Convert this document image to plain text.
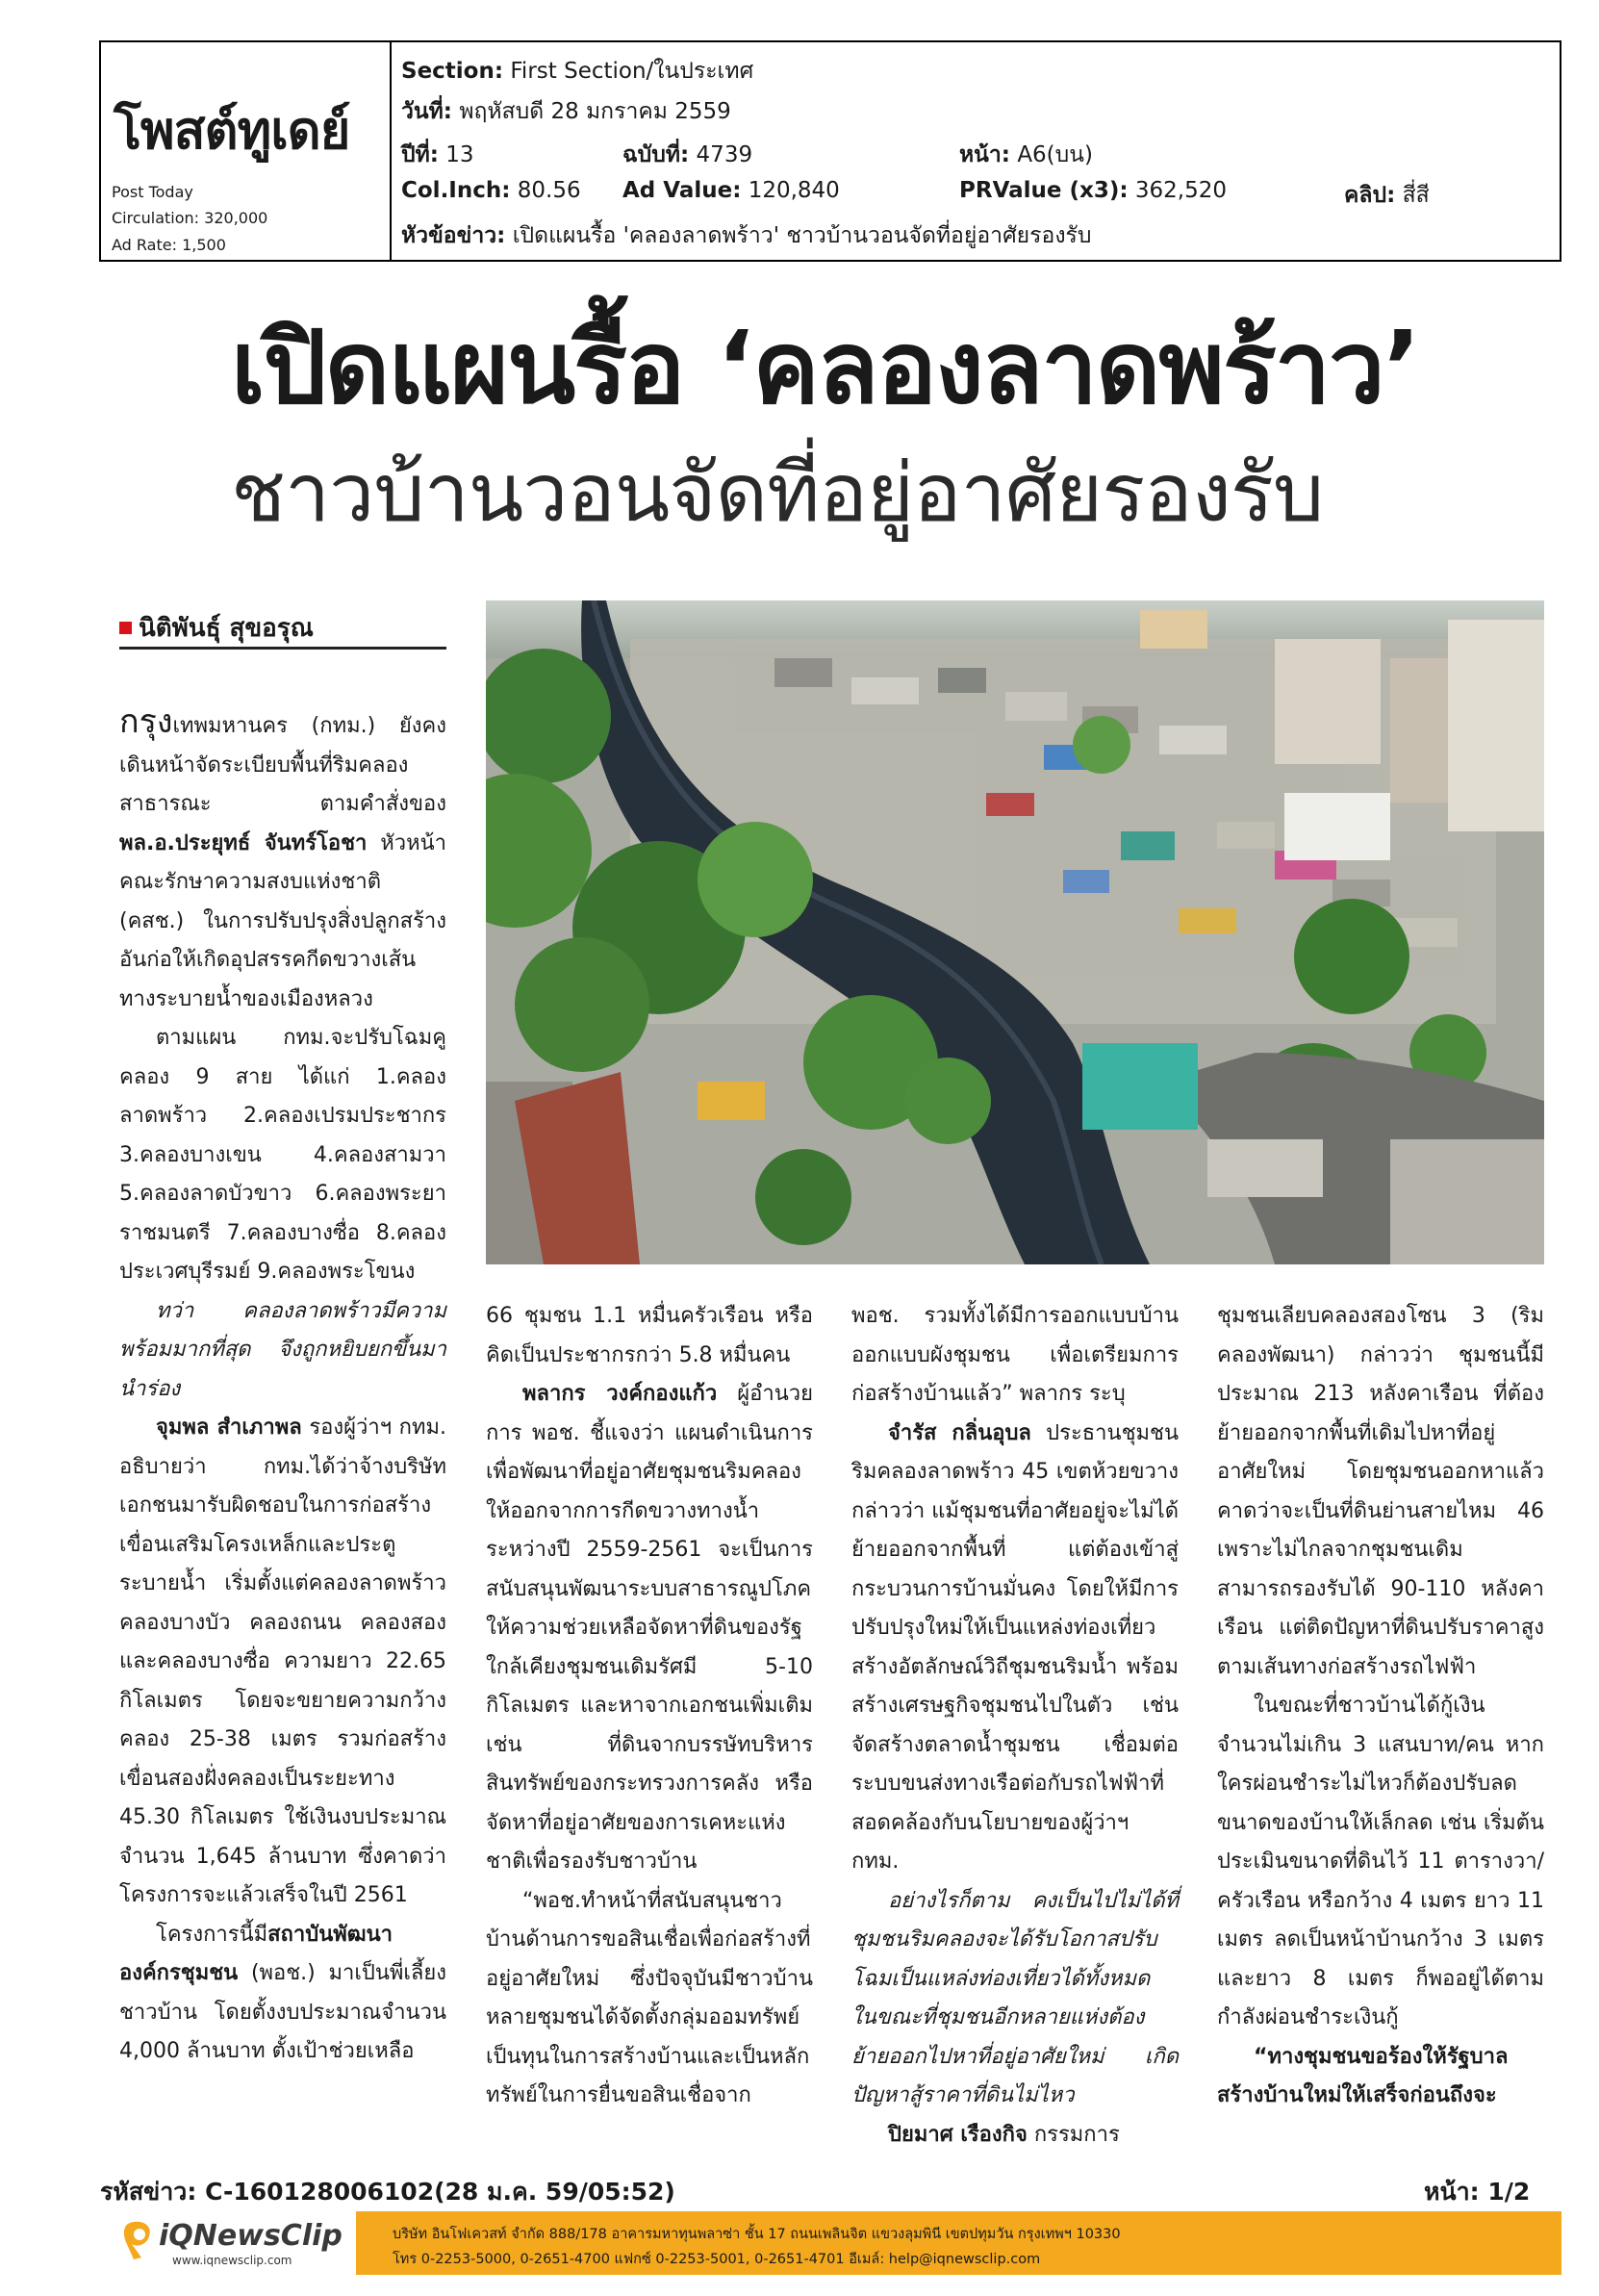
โพสต์ทูเดย์
Post Today
Circulation: 320,000
Ad Rate: 1,500
Section: First Section/ในประเทศ
วันที่: พฤหัสบดี 28 มกราคม 2559
ปีที่: 13	ฉบับที่: 4739	หน้า: A6(บน)
Col.Inch: 80.56 Ad Value: 120,840	PRValue (x3): 362,520	คลิป: สี่สี
หัวข้อข่าว: เปิดแผนรื้อ 'คลองลาดพร้าว' ชาวบ้านวอนจัดที่อยู่อาศัยรองรับ
เปิดแผนรื้อ ‘คลองลาดพร้าว’
ชาวบ้านวอนจัดที่อยู่อาศัยรองรับ
นิติพันธุ์ สุขอรุณ

กรุงเทพมหานคร (กทม.) ยังคงเดินหน้าจัดระเบียบพื้นที่ริมคลองสาธารณะ ตามคำสั่งของพล.อ.ประยุทธ์ จันทร์โอชา หัวหน้าคณะรักษาความสงบแห่งชาติ (คสช.) ในการปรับปรุงสิ่งปลูกสร้างอันก่อให้เกิดอุปสรรคกีดขวางเส้นทางระบายน้ำของเมืองหลวง

ตามแผน กทม.จะปรับโฉมคูคลอง 9 สาย ได้แก่ 1.คลองลาดพร้าว 2.คลองเปรมประชากร 3.คลองบางเขน 4.คลองสามวา 5.คลองลาดบัวขาว 6.คลองพระยาราชมนตรี 7.คลองบางซื่อ 8.คลองประเวศบุรีรมย์ 9.คลองพระโขนง

ทว่า คลองลาดพร้าวมีความพร้อมมากที่สุด จึงถูกหยิบยกขึ้นมานำร่อง

จุมพล สำเภาพล รองผู้ว่าฯ กทม. อธิบายว่า กทม.ได้ว่าจ้างบริษัทเอกชนมารับผิดชอบในการก่อสร้างเขื่อนเสริมโครงเหล็กและประตูระบายน้ำ เริ่มตั้งแต่คลองลาดพร้าว คลองบางบัว คลองถนน คลองสอง และคลองบางซื่อ ความยาว 22.65 กิโลเมตร โดยจะขยายความกว้างคลอง 25-38 เมตร รวมก่อสร้างเขื่อนสองฝั่งคลองเป็นระยะทาง 45.30 กิโลเมตร ใช้เงินงบประมาณจำนวน 1,645 ล้านบาท ซึ่งคาดว่าโครงการจะแล้วเสร็จในปี 2561

โครงการนี้มีสถาบันพัฒนาองค์กรชุมชน (พอช.) มาเป็นพี่เลี้ยงชาวบ้าน โดยตั้งงบประมาณจำนวน 4,000 ล้านบาท ตั้งเป้าช่วยเหลือ

66 ชุมชน 1.1 หมื่นครัวเรือน หรือคิดเป็นประชากรกว่า 5.8 หมื่นคน

พลากร วงค์กองแก้ว ผู้อำนวยการ พอช. ชี้แจงว่า แผนดำเนินการเพื่อพัฒนาที่อยู่อาศัยชุมชนริมคลองให้ออกจากการกีดขวางทางน้ำ ระหว่างปี 2559-2561 จะเป็นการสนับสนุนพัฒนาระบบสาธารณูปโภค ให้ความช่วยเหลือจัดหาที่ดินของรัฐใกล้เคียงชุมชนเดิมรัศมี 5-10 กิโลเมตร และหาจากเอกชนเพิ่มเติม เช่น ที่ดินจากบรรษัทบริหารสินทรัพย์ของกระทรวงการคลัง หรือจัดหาที่อยู่อาศัยของการเคหะแห่งชาติเพื่อรองรับชาวบ้าน

“พอช.ทำหน้าที่สนับสนุนชาวบ้านด้านการขอสินเชื่อเพื่อก่อสร้างที่อยู่อาศัยใหม่ ซึ่งปัจจุบันมีชาวบ้านหลายชุมชนได้จัดตั้งกลุ่มออมทรัพย์เป็นทุนในการสร้างบ้านและเป็นหลักทรัพย์ในการยื่นขอสินเชื่อจาก

พอช. รวมทั้งได้มีการออกแบบบ้าน ออกแบบผังชุมชน เพื่อเตรียมการก่อสร้างบ้านแล้ว” พลากร ระบุ

จำรัส กลิ่นอุบล ประธานชุมชนริมคลองลาดพร้าว 45 เขตห้วยขวาง กล่าวว่า แม้ชุมชนที่อาศัยอยู่จะไม่ได้ย้ายออกจากพื้นที่ แต่ต้องเข้าสู่กระบวนการบ้านมั่นคง โดยให้มีการปรับปรุงใหม่ให้เป็นแหล่งท่องเที่ยว สร้างอัตลักษณ์วิถีชุมชนริมน้ำ พร้อมสร้างเศรษฐกิจชุมชนไปในตัว เช่น จัดสร้างตลาดน้ำชุมชน เชื่อมต่อระบบขนส่งทางเรือต่อกับรถไฟฟ้าที่สอดคล้องกับนโยบายของผู้ว่าฯ กทม.

อย่างไรก็ตาม คงเป็นไปไม่ได้ที่ชุมชนริมคลองจะได้รับโอกาสปรับโฉมเป็นแหล่งท่องเที่ยวได้ทั้งหมด ในขณะที่ชุมชนอีกหลายแห่งต้องย้ายออกไปหาที่อยู่อาศัยใหม่ เกิดปัญหาสู้ราคาที่ดินไม่ไหว

ปิยมาศ เรืองกิจ กรรมการ

ชุมชนเลียบคลองสองโซน 3 (ริมคลองพัฒนา) กล่าวว่า ชุมชนนี้มีประมาณ 213 หลังคาเรือน ที่ต้องย้ายออกจากพื้นที่เดิมไปหาที่อยู่อาศัยใหม่ โดยชุมชนออกหาแล้วคาดว่าจะเป็นที่ดินย่านสายไหม 46 เพราะไม่ไกลจากชุมชนเดิม สามารถรองรับได้ 90-110 หลังคาเรือน แต่ติดปัญหาที่ดินปรับราคาสูงตามเส้นทางก่อสร้างรถไฟฟ้า

ในขณะที่ชาวบ้านได้กู้เงินจำนวนไม่เกิน 3 แสนบาท/คน หากใครผ่อนชำระไม่ไหวก็ต้องปรับลดขนาดของบ้านให้เล็กลด เช่น เริ่มต้นประเมินขนาดที่ดินไว้ 11 ตารางวา/ครัวเรือน หรือกว้าง 4 เมตร ยาว 11 เมตร ลดเป็นหน้าบ้านกว้าง 3 เมตร และยาว 8 เมตร ก็พออยู่ได้ตามกำลังผ่อนชำระเงินกู้

“ทางชุมชนขอร้องให้รัฐบาลสร้างบ้านใหม่ให้เสร็จก่อนถึงจะ

รหัสข่าว: C-160128006102(28 ม.ค. 59/05:52)	หน้า: 1/2
iQNewsClip
www.iqnewsclip.com
บริษัท อินโฟเควสท์ จำกัด 888/178 อาคารมหาทุนพลาซ่า ชั้น 17 ถนนเพลินจิต แขวงลุมพินี เขตปทุมวัน กรุงเทพฯ 10330
โทร 0-2253-5000, 0-2651-4700 แฟกซ์ 0-2253-5001, 0-2651-4701 อีเมล์: help@iqnewsclip.com
